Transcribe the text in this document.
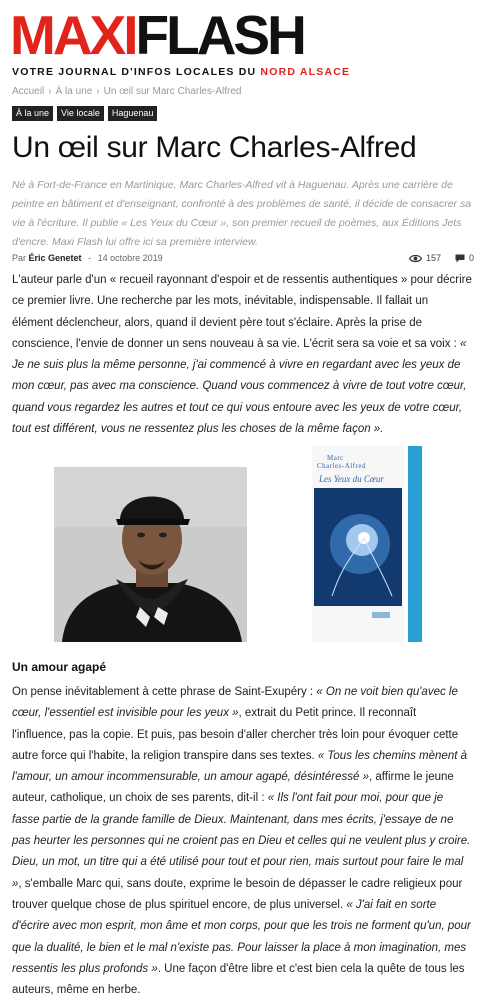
MAXIFLASH
VOTRE JOURNAL D'INFOS LOCALES DU NORD ALSACE
Accueil › À la une › Un œil sur Marc Charles-Alfred
À la une	Vie locale	Haguenau
Un œil sur Marc Charles-Alfred

Né à Fort-de-France en Martinique, Marc Charles-Alfred vit à Haguenau. Après une carrière de peintre en bâtiment et d'enseignant, confronté à des problèmes de santé, il décide de consacrer sa vie à l'écriture. Il publie « Les Yeux du Cœur », son premier recueil de poèmes, aux Éditions Jets d'encre. Maxi Flash lui offre ici sa première interview.

Par Éric Genetet - 14 octobre 2019	157	0

L'auteur parle d'un « recueil rayonnant d'espoir et de ressentis authentiques » pour décrire ce premier livre. Une recherche par les mots, inévitable, indispensable. Il fallait un élément déclencheur, alors, quand il devient père tout s'éclaire. Après la prise de conscience, l'envie de donner un sens nouveau à sa vie. L'écrit sera sa voie et sa voix : « Je ne suis plus la même personne, j'ai commencé à vivre en regardant avec les yeux de mon cœur, pas avec ma conscience. Quand vous commencez à vivre de tout votre cœur, quand vous regardez les autres et tout ce qui vous entoure avec les yeux de votre cœur, tout est différent, vous ne ressentez plus les choses de la même façon ».

Marc
Charles-Alfred
Les Yeux du Cœur
Un amour agapé

On pense inévitablement à cette phrase de Saint-Exupéry : « On ne voit bien qu'avec le cœur, l'essentiel est invisible pour les yeux », extrait du Petit prince. Il reconnaît l'influence, pas la copie. Et puis, pas besoin d'aller chercher très loin pour évoquer cette autre force qui l'habite, la religion transpire dans ses textes. « Tous les chemins mènent à l'amour, un amour incommensurable, un amour agapé, désintéressé », affirme le jeune auteur, catholique, un choix de ses parents, dit-il : « Ils l'ont fait pour moi, pour que je fasse partie de la grande famille de Dieux. Maintenant, dans mes écrits, j'essaye de ne pas heurter les personnes qui ne croient pas en Dieu et celles qui ne veulent plus y croire. Dieu, un mot, un titre qui a été utilisé pour tout et pour rien, mais surtout pour faire le mal », s'emballe Marc qui, sans doute, exprime le besoin de dépasser le cadre religieux pour trouver quelque chose de plus spirituel encore, de plus universel. « J'ai fait en sorte d'écrire avec mon esprit, mon âme et mon corps, pour que les trois ne forment qu'un, pour que la dualité, le bien et le mal n'existe pas. Pour laisser la place à mon imagination, mes ressentis les plus profonds ». Une façon d'être libre et c'est bien cela la quête de tous les auteurs, même en herbe.
